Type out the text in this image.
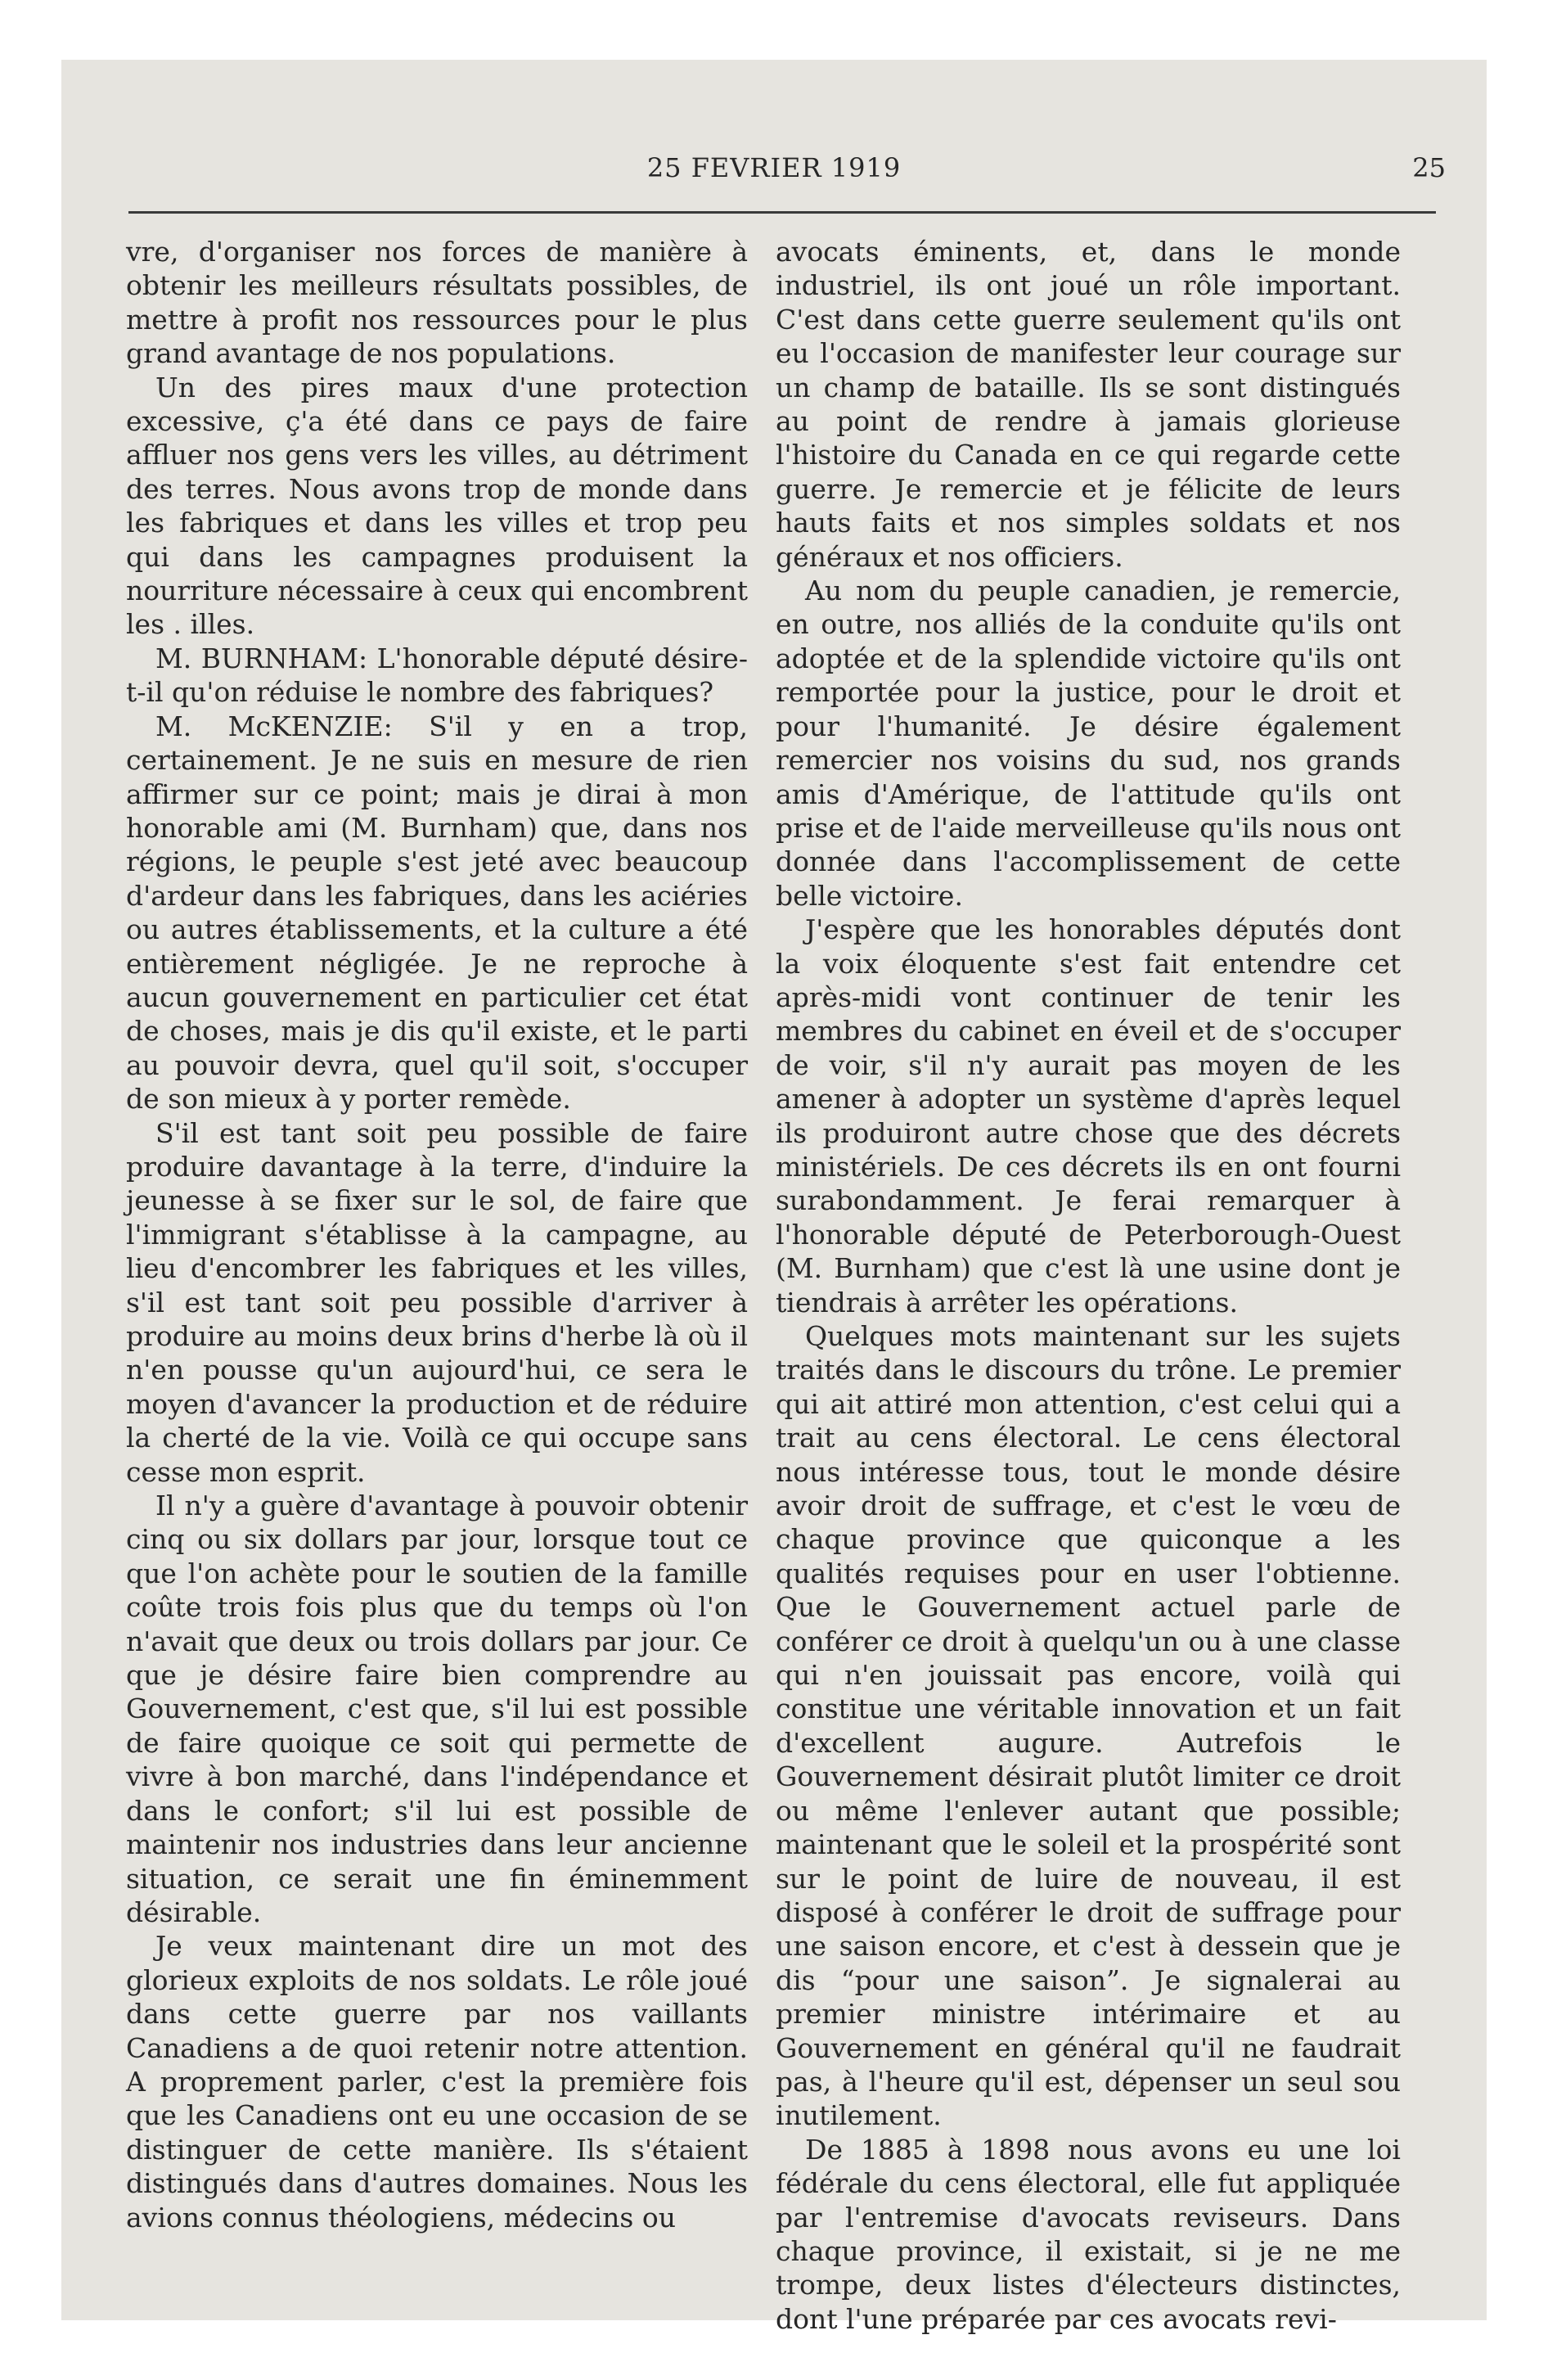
25 FEVRIER 1919	25

vre, d'organiser nos forces de manière à obtenir les meilleurs résultats possibles, de mettre à profit nos ressources pour le plus grand avantage de nos populations.

Un des pires maux d'une protection excessive, ç'a été dans ce pays de faire affluer nos gens vers les villes, au détriment des terres. Nous avons trop de monde dans les fabriques et dans les villes et trop peu qui dans les campagnes produisent la nourriture nécessaire à ceux qui encombrent les . illes.

M. BURNHAM: L'honorable député désire-t-il qu'on réduise le nombre des fabriques?

M. McKENZIE: S'il y en a trop, certainement. Je ne suis en mesure de rien affirmer sur ce point; mais je dirai à mon honorable ami (M. Burnham) que, dans nos régions, le peuple s'est jeté avec beaucoup d'ardeur dans les fabriques, dans les aciéries ou autres établissements, et la culture a été entièrement négligée. Je ne reproche à aucun gouvernement en particulier cet état de choses, mais je dis qu'il existe, et le parti au pouvoir devra, quel qu'il soit, s'occuper de son mieux à y porter remède.

S'il est tant soit peu possible de faire produire davantage à la terre, d'induire la jeunesse à se fixer sur le sol, de faire que l'immigrant s'établisse à la campagne, au lieu d'encombrer les fabriques et les villes, s'il est tant soit peu possible d'arriver à produire au moins deux brins d'herbe là où il n'en pousse qu'un aujourd'hui, ce sera le moyen d'avancer la production et de réduire la cherté de la vie. Voilà ce qui occupe sans cesse mon esprit.

Il n'y a guère d'avantage à pouvoir obtenir cinq ou six dollars par jour, lorsque tout ce que l'on achète pour le soutien de la famille coûte trois fois plus que du temps où l'on n'avait que deux ou trois dollars par jour. Ce que je désire faire bien comprendre au Gouvernement, c'est que, s'il lui est possible de faire quoique ce soit qui permette de vivre à bon marché, dans l'indépendance et dans le confort; s'il lui est possible de maintenir nos industries dans leur ancienne situation, ce serait une fin éminemment désirable.

Je veux maintenant dire un mot des glorieux exploits de nos soldats. Le rôle joué dans cette guerre par nos vaillants Canadiens a de quoi retenir notre attention. A proprement parler, c'est la première fois que les Canadiens ont eu une occasion de se distinguer de cette manière. Ils s'étaient distingués dans d'autres domaines. Nous les avions connus théologiens, médecins ou

avocats éminents, et, dans le monde industriel, ils ont joué un rôle important. C'est dans cette guerre seulement qu'ils ont eu l'occasion de manifester leur courage sur un champ de bataille. Ils se sont distingués au point de rendre à jamais glorieuse l'histoire du Canada en ce qui regarde cette guerre. Je remercie et je félicite de leurs hauts faits et nos simples soldats et nos généraux et nos officiers.

Au nom du peuple canadien, je remercie, en outre, nos alliés de la conduite qu'ils ont adoptée et de la splendide victoire qu'ils ont remportée pour la justice, pour le droit et pour l'humanité. Je désire également remercier nos voisins du sud, nos grands amis d'Amérique, de l'attitude qu'ils ont prise et de l'aide merveilleuse qu'ils nous ont donnée dans l'accomplissement de cette belle victoire.

J'espère que les honorables députés dont la voix éloquente s'est fait entendre cet après-midi vont continuer de tenir les membres du cabinet en éveil et de s'occuper de voir, s'il n'y aurait pas moyen de les amener à adopter un système d'après lequel ils produiront autre chose que des décrets ministériels. De ces décrets ils en ont fourni surabondamment. Je ferai remarquer à l'honorable député de Peterborough-Ouest (M. Burnham) que c'est là une usine dont je tiendrais à arrêter les opérations.

Quelques mots maintenant sur les sujets traités dans le discours du trône. Le premier qui ait attiré mon attention, c'est celui qui a trait au cens électoral. Le cens électoral nous intéresse tous, tout le monde désire avoir droit de suffrage, et c'est le vœu de chaque province que quiconque a les qualités requises pour en user l'obtienne. Que le Gouvernement actuel parle de conférer ce droit à quelqu'un ou à une classe qui n'en jouissait pas encore, voilà qui constitue une véritable innovation et un fait d'excellent augure. Autrefois le Gouvernement désirait plutôt limiter ce droit ou même l'enlever autant que possible; maintenant que le soleil et la prospérité sont sur le point de luire de nouveau, il est disposé à conférer le droit de suffrage pour une saison encore, et c'est à dessein que je dis “pour une saison”. Je signalerai au premier ministre intérimaire et au Gouvernement en général qu'il ne faudrait pas, à l'heure qu'il est, dépenser un seul sou inutilement.

De 1885 à 1898 nous avons eu une loi fédérale du cens électoral, elle fut appliquée par l'entremise d'avocats reviseurs. Dans chaque province, il existait, si je ne me trompe, deux listes d'électeurs distinctes, dont l'une préparée par ces avocats revi-
